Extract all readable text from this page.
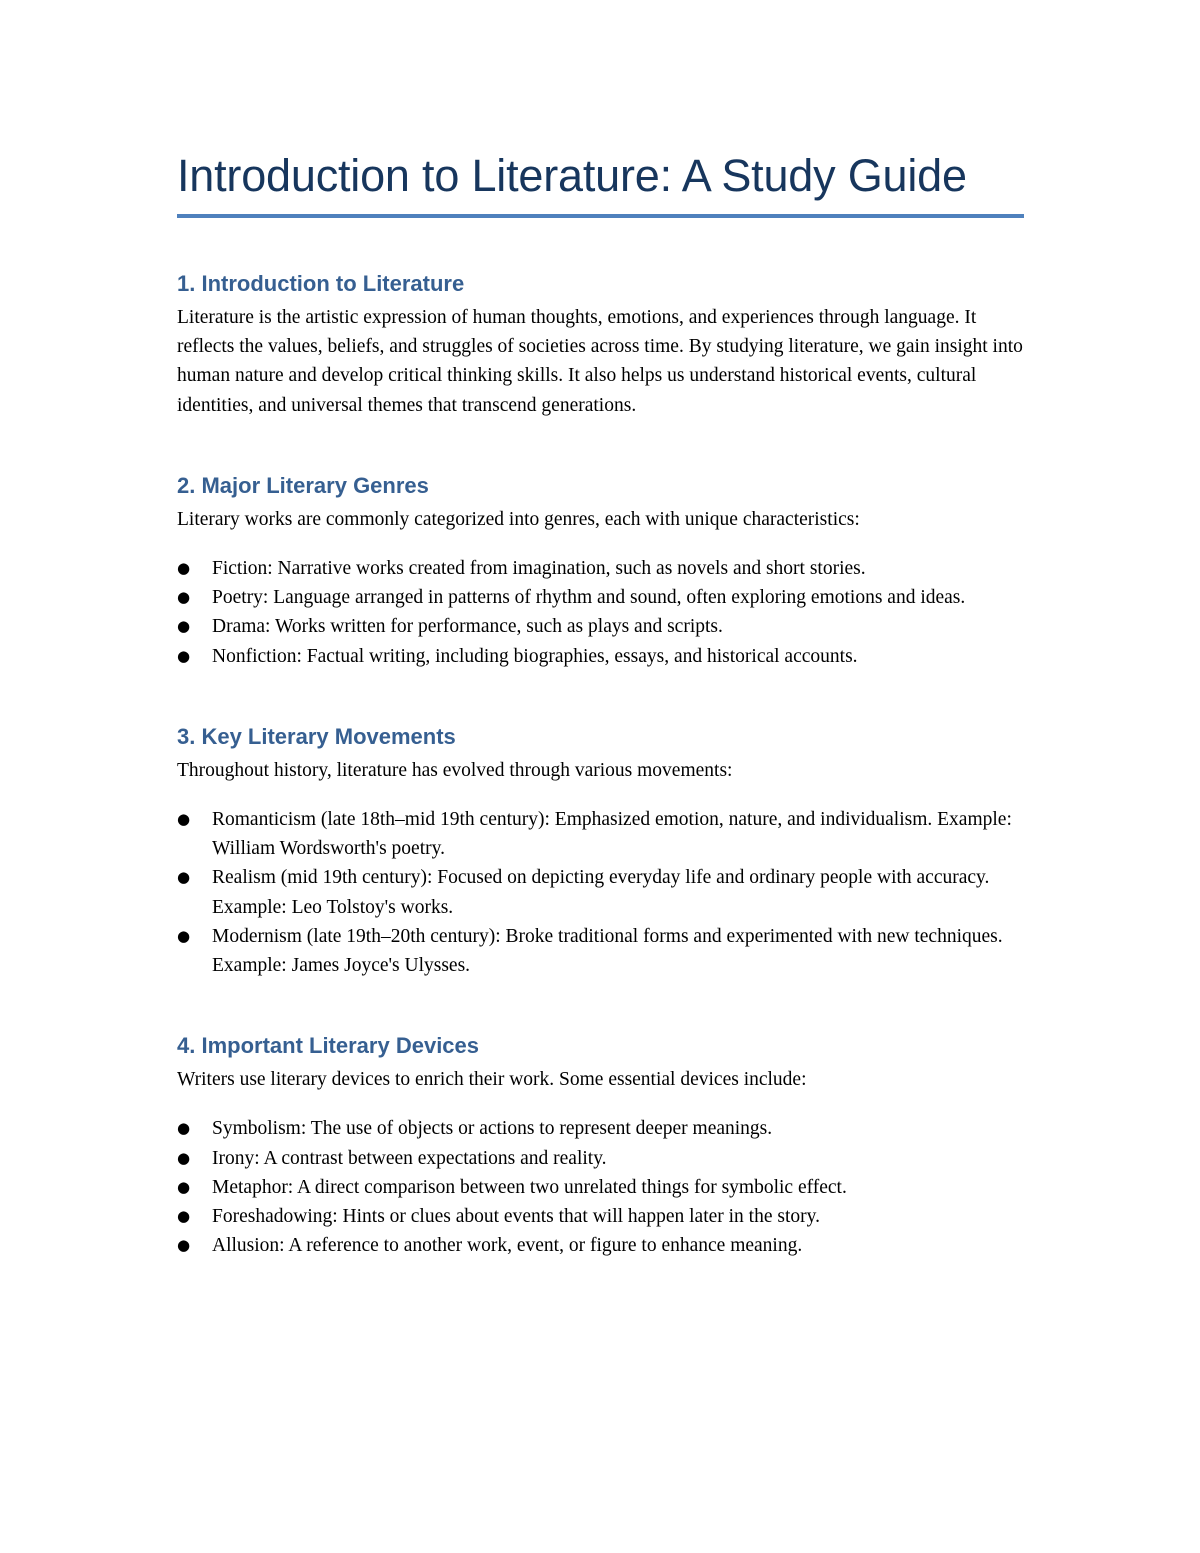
Introduction to Literature: A Study Guide
1. Introduction to Literature

Literature is the artistic expression of human thoughts, emotions, and experiences through language. It reflects the values, beliefs, and struggles of societies across time. By studying literature, we gain insight into human nature and develop critical thinking skills. It also helps us understand historical events, cultural identities, and universal themes that transcend generations.

2. Major Literary Genres

Literary works are commonly categorized into genres, each with unique characteristics:

● Fiction: Narrative works created from imagination, such as novels and short stories.
● Poetry: Language arranged in patterns of rhythm and sound, often exploring emotions and ideas.
● Drama: Works written for performance, such as plays and scripts.
● Nonfiction: Factual writing, including biographies, essays, and historical accounts.
3. Key Literary Movements

Throughout history, literature has evolved through various movements:

● Romanticism (late 18th–mid 19th century): Emphasized emotion, nature, and individualism. Example: William Wordsworth's poetry.
● Realism (mid 19th century): Focused on depicting everyday life and ordinary people with accuracy. Example: Leo Tolstoy's works.
● Modernism (late 19th–20th century): Broke traditional forms and experimented with new techniques. Example: James Joyce's Ulysses.
4. Important Literary Devices

Writers use literary devices to enrich their work. Some essential devices include:

● Symbolism: The use of objects or actions to represent deeper meanings.
● Irony: A contrast between expectations and reality.
● Metaphor: A direct comparison between two unrelated things for symbolic effect.
● Foreshadowing: Hints or clues about events that will happen later in the story.
● Allusion: A reference to another work, event, or figure to enhance meaning.
